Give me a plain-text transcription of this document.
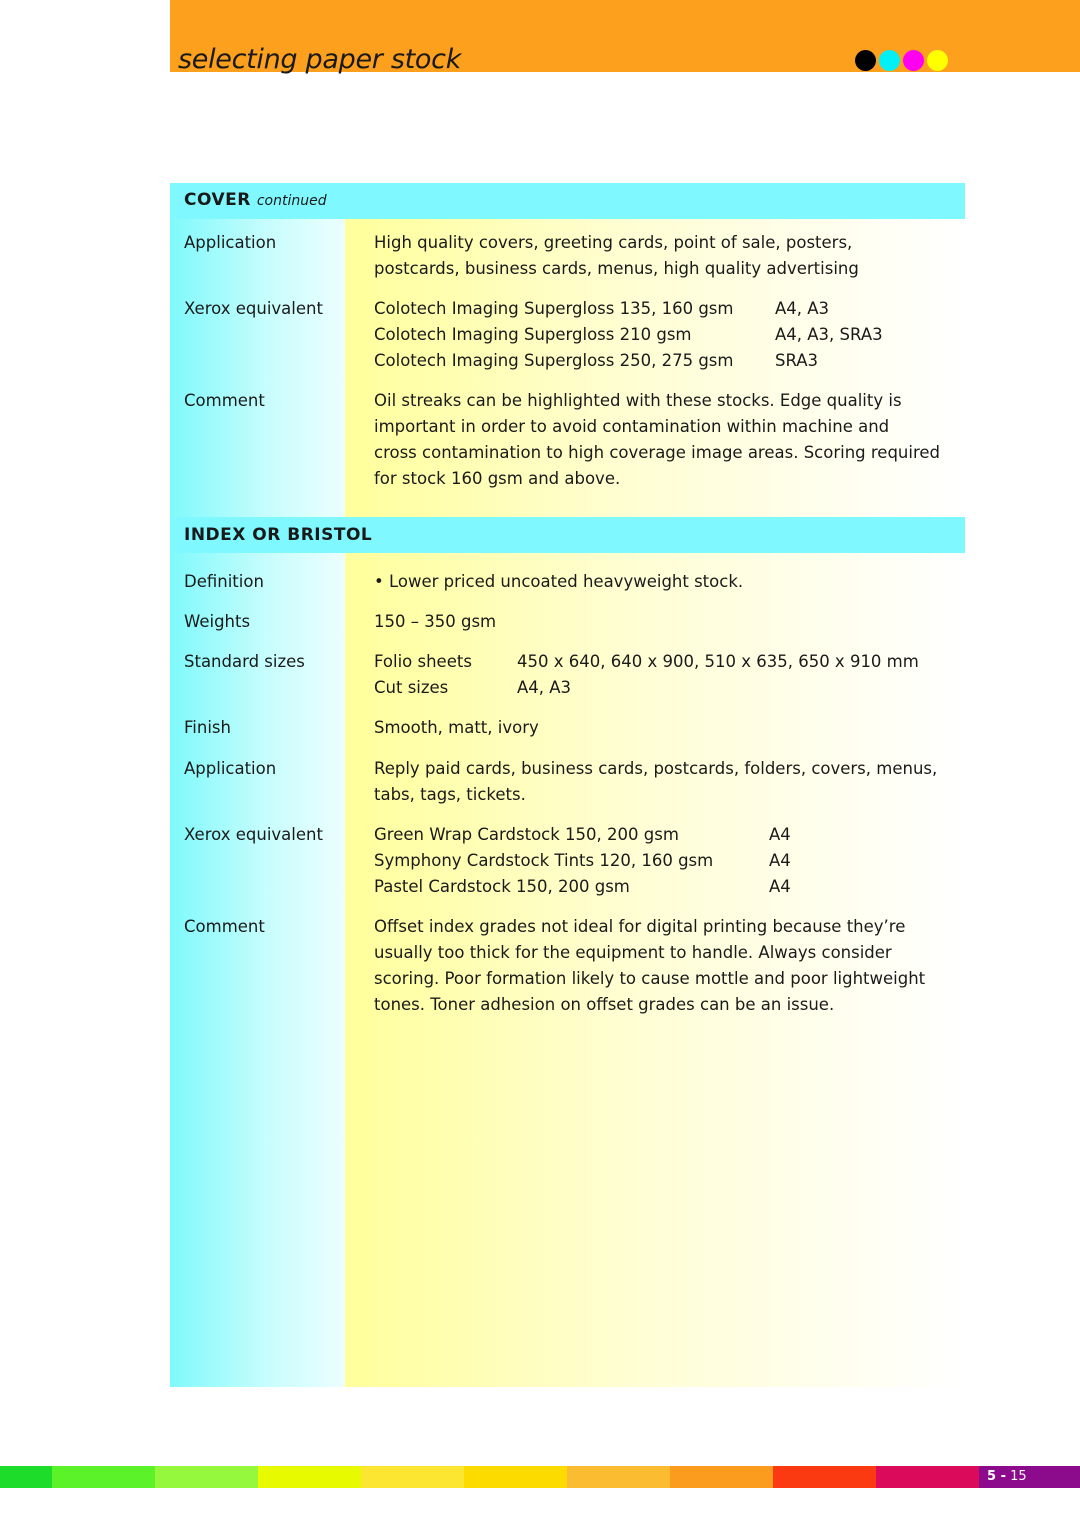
selecting paper stock
COVER continued
Application	High quality covers, greeting cards, point of sale, posters,
postcards, business cards, menus, high quality advertising
Xerox equivalent	Colotech Imaging Supergloss 135, 160 gsm	A4, A3
Colotech Imaging Supergloss 210 gsm	A4, A3, SRA3
Colotech Imaging Supergloss 250, 275 gsm	SRA3
Comment	Oil streaks can be highlighted with these stocks. Edge quality is
important in order to avoid contamination within machine and
cross contamination to high coverage image areas. Scoring required
for stock 160 gsm and above.
INDEX OR BRISTOL
Definition	• Lower priced uncoated heavyweight stock.
Weights	150 – 350 gsm
Standard sizes	Folio sheets	450 x 640, 640 x 900, 510 x 635, 650 x 910 mm
Cut sizes	A4, A3
Finish	Smooth, matt, ivory
Application	Reply paid cards, business cards, postcards, folders, covers, menus,
tabs, tags, tickets.
Xerox equivalent	Green Wrap Cardstock 150, 200 gsm	A4
Symphony Cardstock Tints 120, 160 gsm	A4
Pastel Cardstock 150, 200 gsm	A4
Comment	Offset index grades not ideal for digital printing because they’re
usually too thick for the equipment to handle. Always consider
scoring. Poor formation likely to cause mottle and poor lightweight
tones. Toner adhesion on offset grades can be an issue.
5 - 15
